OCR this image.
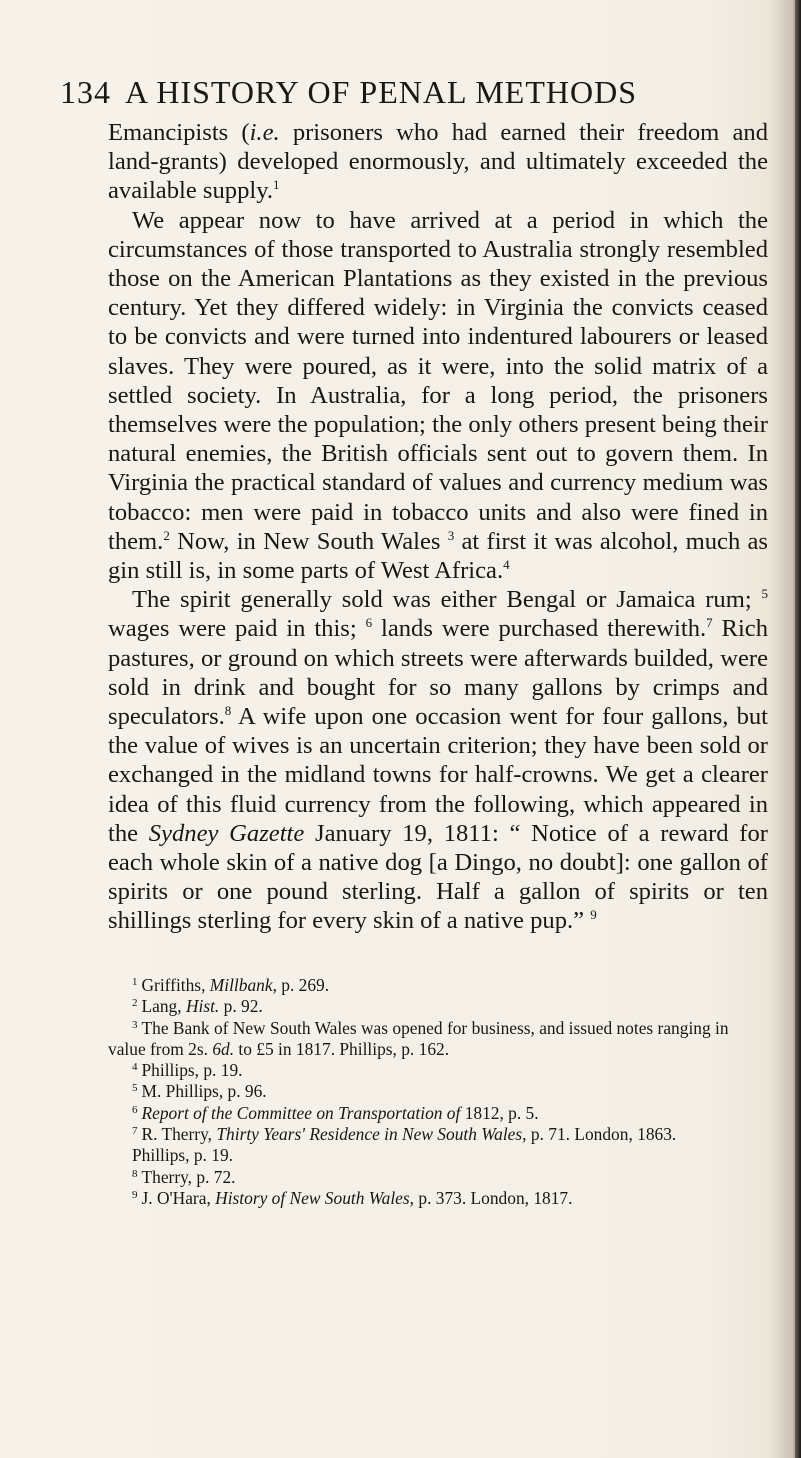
134 A HISTORY OF PENAL METHODS

Emancipists (i.e. prisoners who had earned their freedom and land-grants) developed enormously, and ultimately exceeded the available supply.$^1$

We appear now to have arrived at a period in which the circumstances of those transported to Australia strongly resembled those on the American Plantations as they existed in the previous century. Yet they differed widely: in Virginia the convicts ceased to be convicts and were turned into indentured labourers or leased slaves. They were poured, as it were, into the solid matrix of a settled society. In Australia, for a long period, the prisoners themselves were the population; the only others present being their natural enemies, the British officials sent out to govern them. In Virginia the practical standard of values and currency medium was tobacco: men were paid in tobacco units and also were fined in them.$^2$ Now, in New South Wales $^3$ at first it was alcohol, much as gin still is, in some parts of West Africa.$^4$

The spirit generally sold was either Bengal or Jamaica rum; $^5$ wages were paid in this; $^6$ lands were purchased therewith.$^7$ Rich pastures, or ground on which streets were afterwards builded, were sold in drink and bought for so many gallons by crimps and speculators.$^8$ A wife upon one occasion went for four gallons, but the value of wives is an uncertain criterion; they have been sold or exchanged in the midland towns for half-crowns. We get a clearer idea of this fluid currency from the following, which appeared in the Sydney Gazette January 19, 1811: “ Notice of a reward for each whole skin of a native dog [a Dingo, no doubt]: one gallon of spirits or one pound sterling. Half a gallon of spirits or ten shillings sterling for every skin of a native pup.” $^9$

$^1$ Griffiths, Millbank, p. 269.

$^2$ Lang, Hist. p. 92.

$^3$ The Bank of New South Wales was opened for business, and issued notes ranging in value from 2s. 6d. to £5 in 1817. Phillips, p. 162.

$^4$ Phillips, p. 19.

$^5$ M. Phillips, p. 96.

$^6$ Report of the Committee on Transportation of 1812, p. 5.

$^7$ R. Therry, Thirty Years' Residence in New South Wales, p. 71. London, 1863.

Phillips, p. 19.

$^8$ Therry, p. 72.

$^9$ J. O'Hara, History of New South Wales, p. 373. London, 1817.
